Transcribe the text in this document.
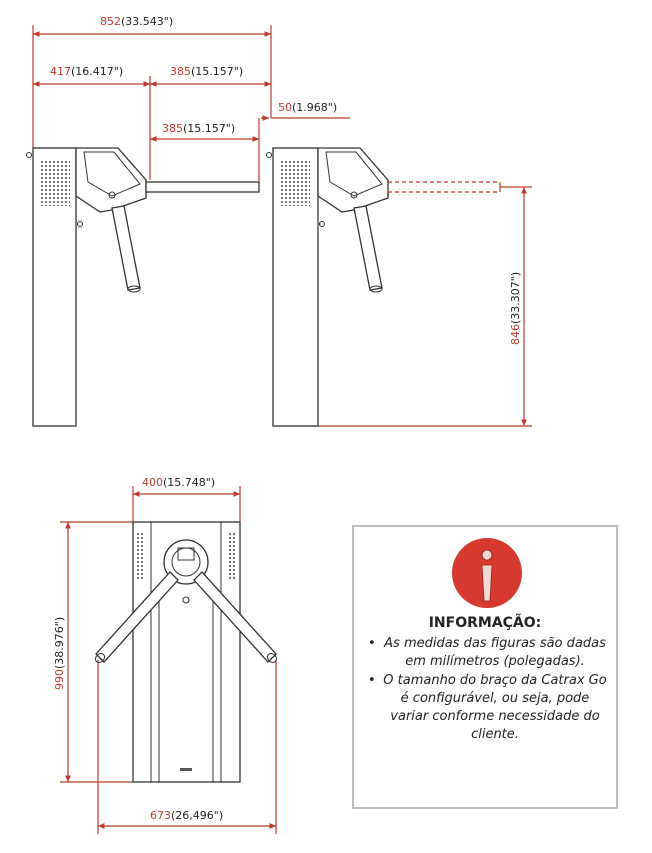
852(33.543")
417(16.417")	385(15.157")
385(15.157")
50(1.968")
846(33.307")
400(15.748")
990(38.976")
673(26,496")
INFORMAÇÃO:
• As medidas das figuras são dadas em milímetros (polegadas).
• O tamanho do braço da Catrax Go é configurável, ou seja, pode variar conforme necessidade do cliente.
